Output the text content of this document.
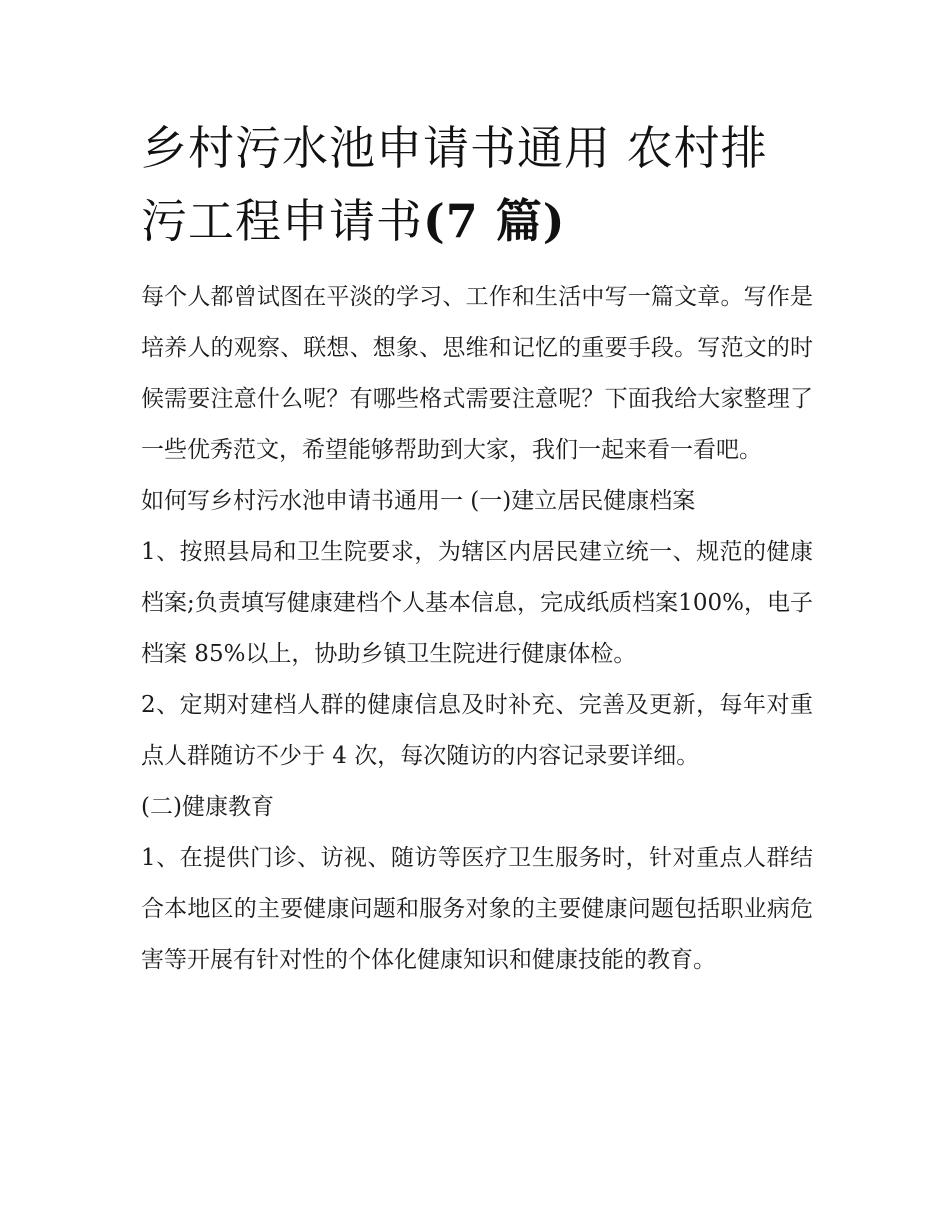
乡村污水池申请书通用 农村排污工程申请书(7 篇)

每个人都曾试图在平淡的学习、工作和生活中写一篇文章。写作是培养人的观察、联想、想象、思维和记忆的重要手段。写范文的时候需要注意什么呢？有哪些格式需要注意呢？下面我给大家整理了一些优秀范文，希望能够帮助到大家，我们一起来看一看吧。

如何写乡村污水池申请书通用一 (一)建立居民健康档案

1、按照县局和卫生院要求，为辖区内居民建立统一、规范的健康档案;负责填写健康建档个人基本信息，完成纸质档案100%，电子档案 85%以上，协助乡镇卫生院进行健康体检。

2、定期对建档人群的健康信息及时补充、完善及更新，每年对重点人群随访不少于 4 次，每次随访的内容记录要详细。

(二)健康教育

1、在提供门诊、访视、随访等医疗卫生服务时，针对重点人群结合本地区的主要健康问题和服务对象的主要健康问题包括职业病危害等开展有针对性的个体化健康知识和健康技能的教育。
